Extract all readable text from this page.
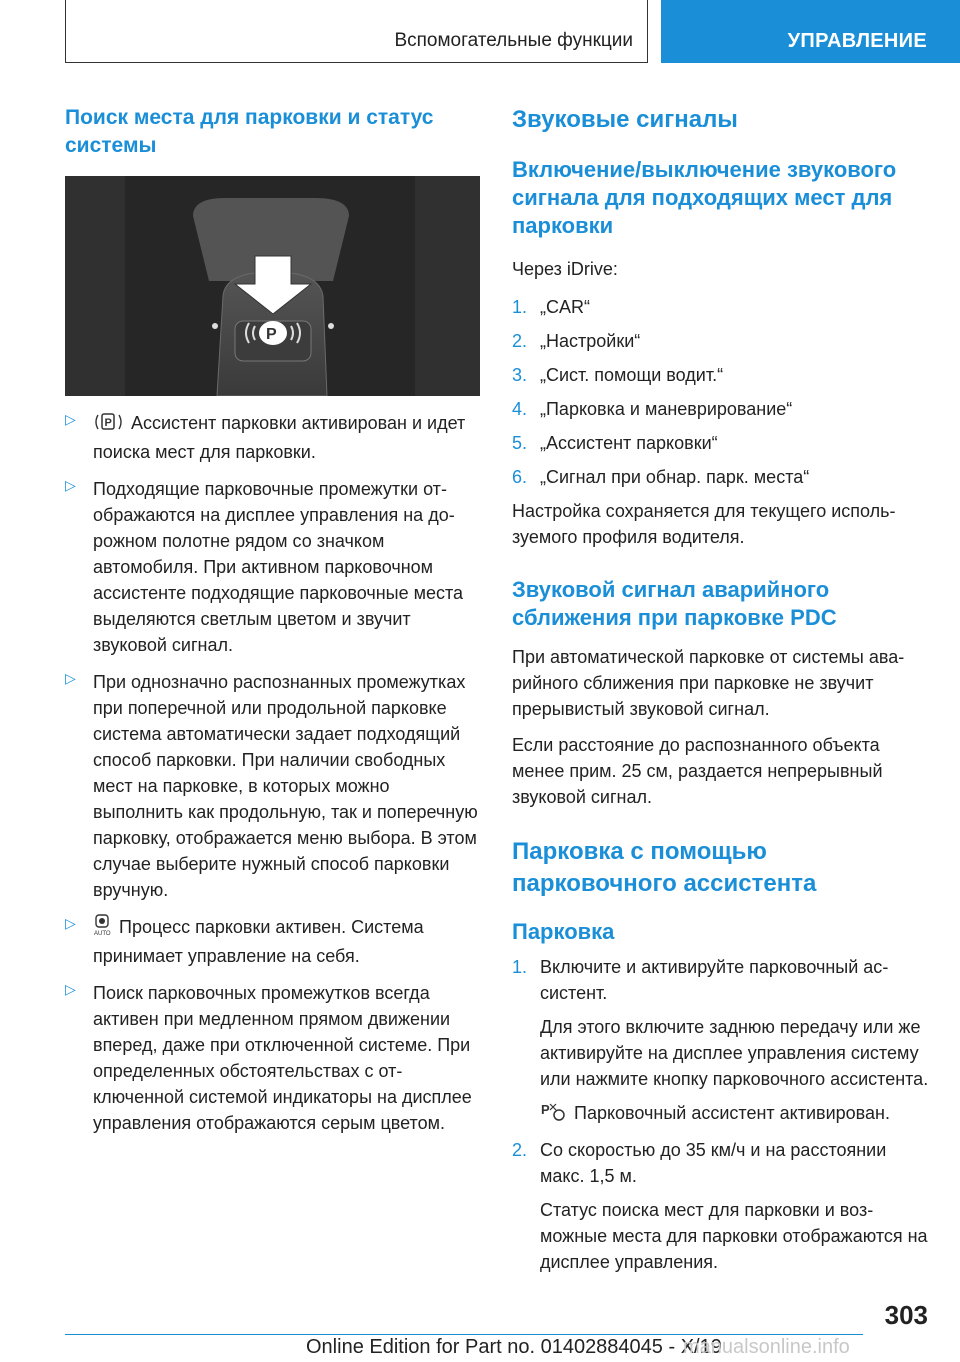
Вспомогательные функции	УПРАВЛЕНИЕ
Поиск места для парковки и статус системы
P
▷	P Ассистент парковки активирован и идет поиска мест для парковки.

▷ Подходящие парковочные промежутки отображаются на дисплее управления на дорожном полотне рядом со значком автомобиля. При активном парковочном ассистенте подходящие парковочные места выделяются светлым цветом и звучит звуковой сигнал.

▷ При однозначно распознанных промежутках при поперечной или продольной парковке система автоматически задает подходящий способ парковки. При наличии свободных мест на парковке, в которых можно выполнить как продольную, так и поперечную парковку, отображается меню выбора. В этом случае выберите нужный способ парковки вручную.

▷

AUTO Процесс парковки активен. Система принимает управление на себя.

▷ Поиск парковочных промежутков всегда активен при медленном прямом движении вперед, даже при отключенной системе. При определенных обстоятельствах с отключенной системой индикаторы на дисплее управления отображаются серым цветом.

Звуковые сигналы
Включение/выключение звукового сигнала для подходящих мест для парковки

Через iDrive:

1. „CAR“

2. „Настройки“

3. „Сист. помощи водит.“

4. „Парковка и маневрирование“

5. „Ассистент парковки“

6. „Сигнал при обнар. парк. места“

Настройка сохраняется для текущего используемого профиля водителя.

Звуковой сигнал аварийного сближения при парковке PDC

При автоматической парковке от системы аварийного сближения при парковке не звучит прерывистый звуковой сигнал.

Если расстояние до распознанного объекта менее прим. 25 см, раздается непрерывный звуковой сигнал.

Парковка с помощью парковочного ассистента
Парковка
1. Включите и активируйте парковочный ассистент.

Для этого включите заднюю передачу или же активируйте на дисплее управления систему или нажмите кнопку парковочного ассистента.

P Парковочный ассистент активирован.

2. Со скоростью до 35 км/ч и на расстоянии макс. 1,5 м.

Статус поиска мест для парковки и возможные места для парковки отображаются на дисплее управления.

303
Online Edition for Part no. 01402884045 - X/19
manualsonline.info
